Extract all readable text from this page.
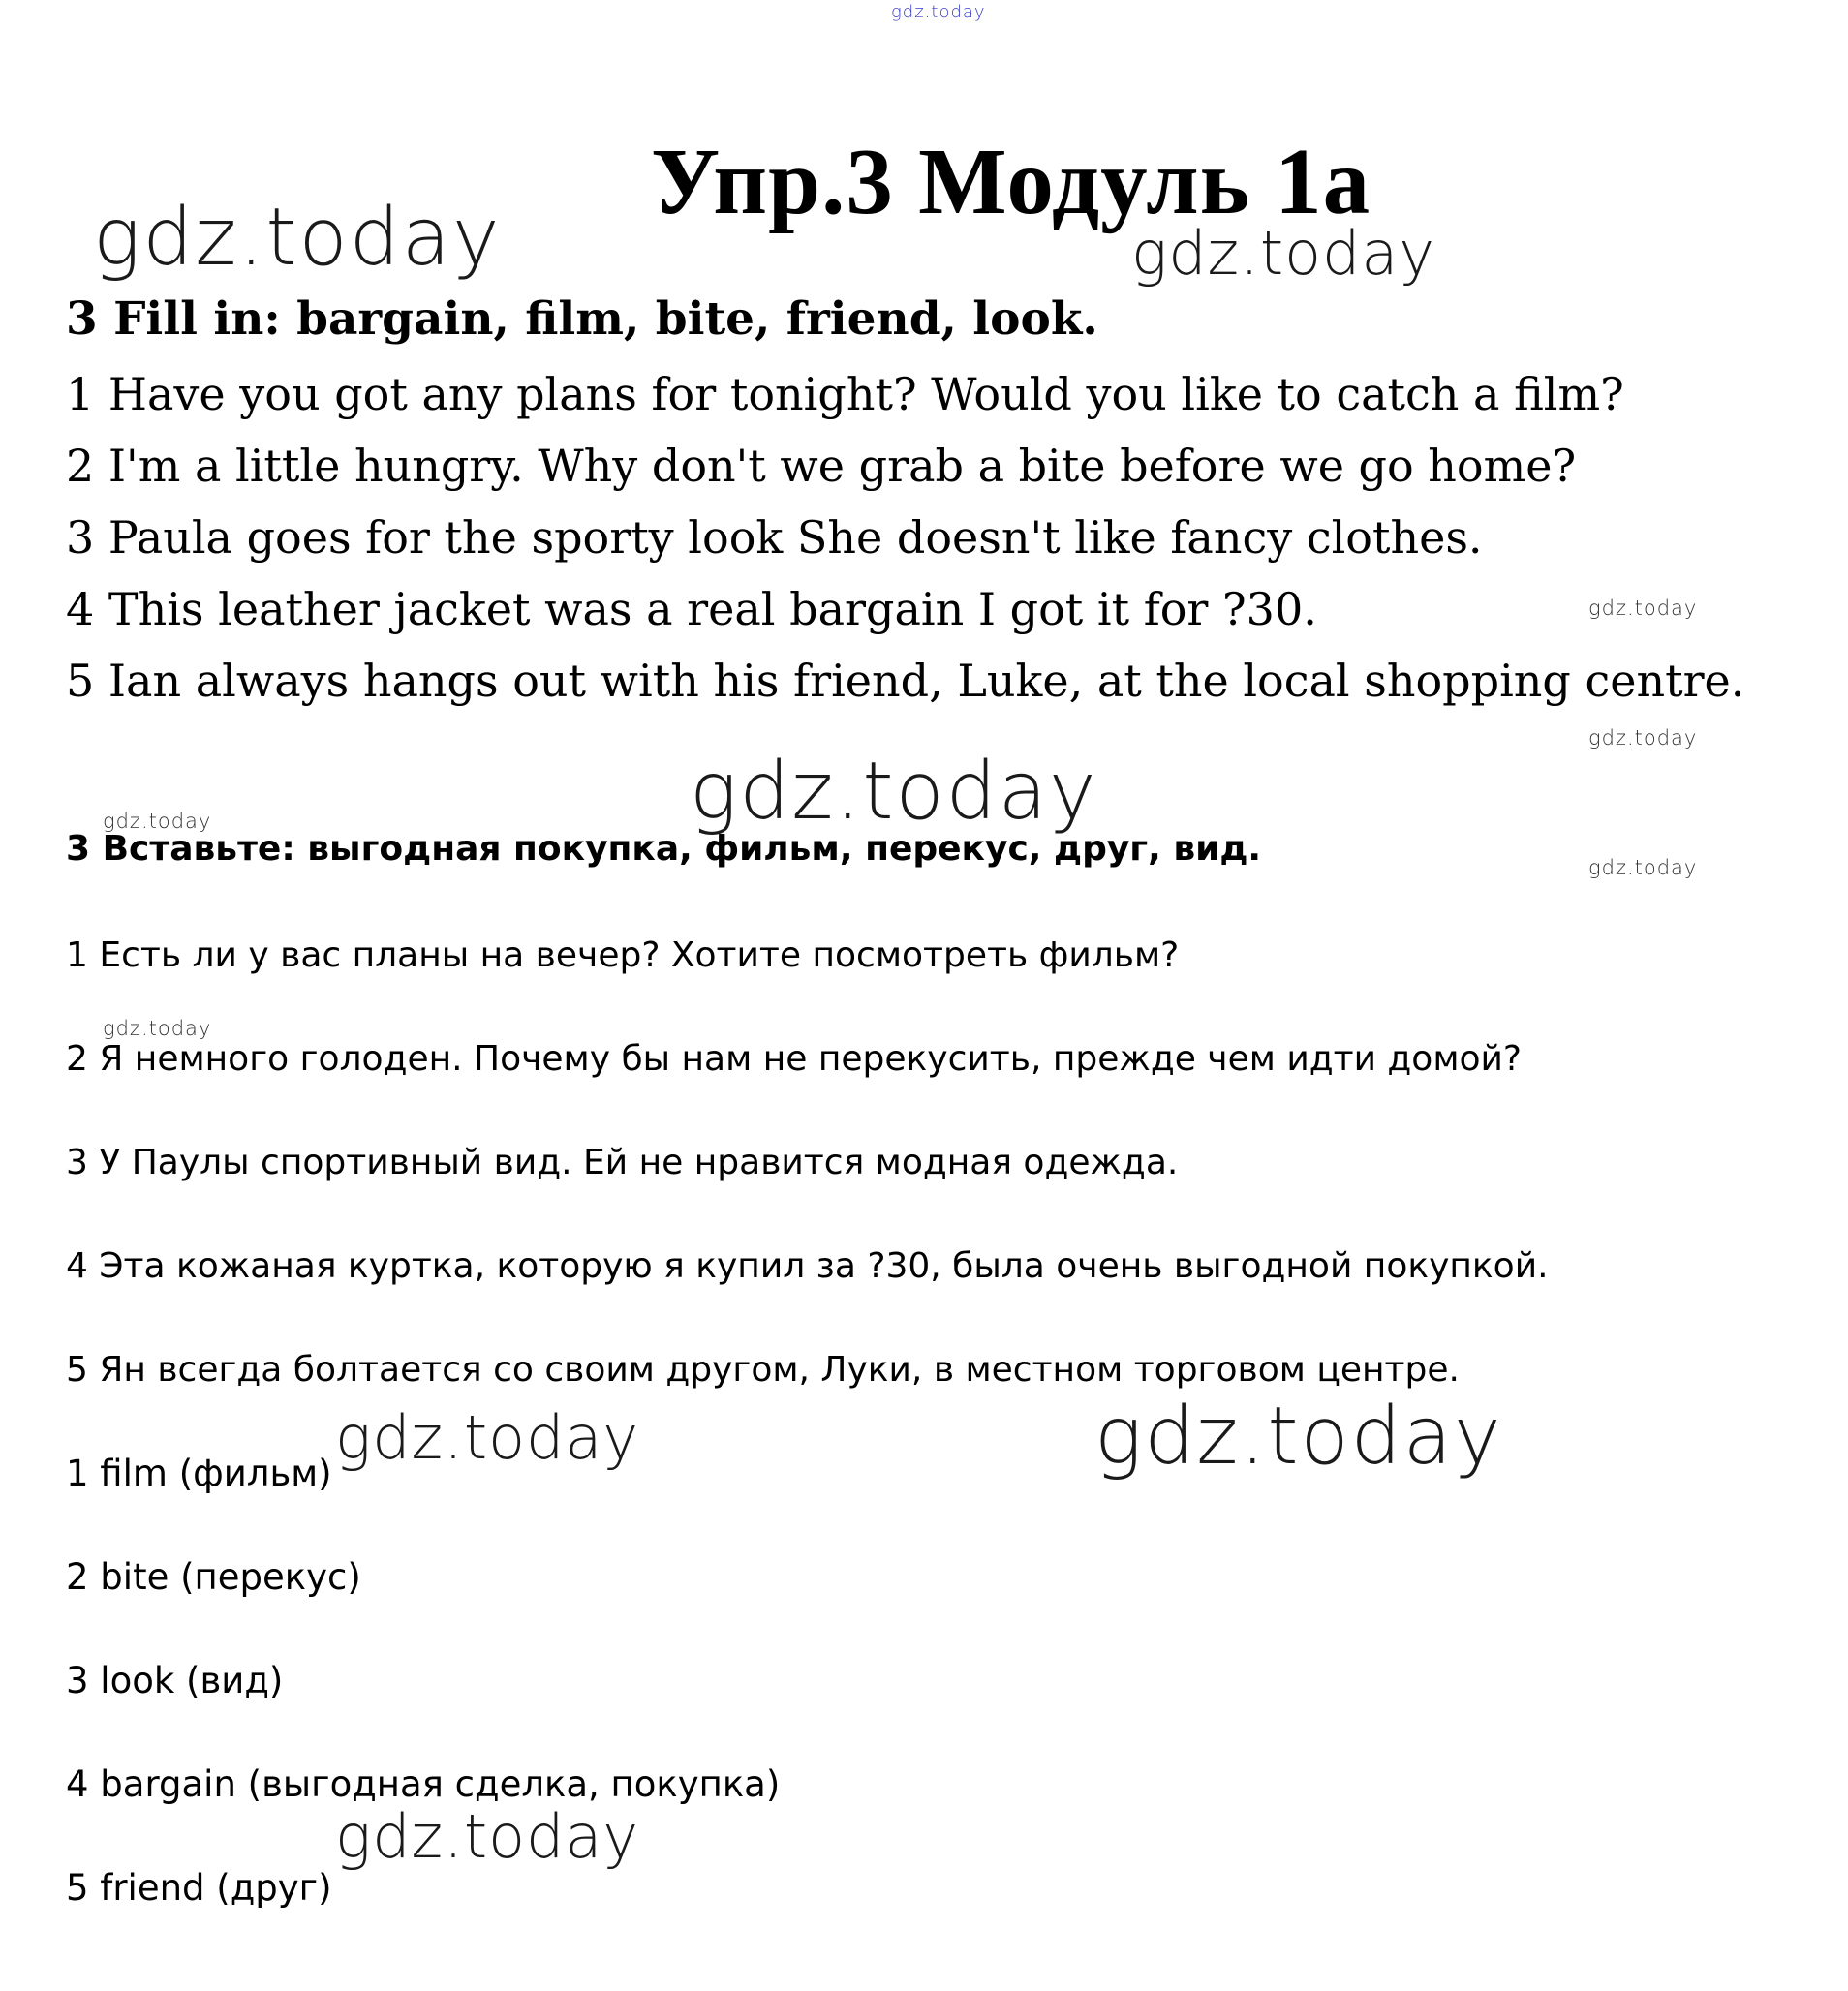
gdz.today
gdz.today	gdz.today
gdz.today
gdz.today
gdz.today
gdz.today
gdz.today
gdz.today
gdz.today	gdz.today
gdz.today
Упр.3 Модуль 1а
3 Fill in: bargain, film, bite, friend, look.
1 Have you got any plans for tonight? Would you like to catch a film?
2 I'm a little hungry. Why don't we grab a bite before we go home?
3 Paula goes for the sporty look She doesn't like fancy clothes.
4 This leather jacket was a real bargain I got it for ?30.
5 Ian always hangs out with his friend, Luke, at the local shopping centre.
3 Вставьте: выгодная покупка, фильм, перекус, друг, вид.
1 Есть ли у вас планы на вечер? Хотите посмотреть фильм?
2 Я немного голоден. Почему бы нам не перекусить, прежде чем идти домой?
3 У Паулы спортивный вид. Ей не нравится модная одежда.
4 Эта кожаная куртка, которую я купил за ?30, была очень выгодной покупкой.
5 Ян всегда болтается со своим другом, Луки, в местном торговом центре.
1 film (фильм)
2 bite (перекус)
3 look (вид)
4 bargain (выгодная сделка, покупка)
5 friend (друг)
